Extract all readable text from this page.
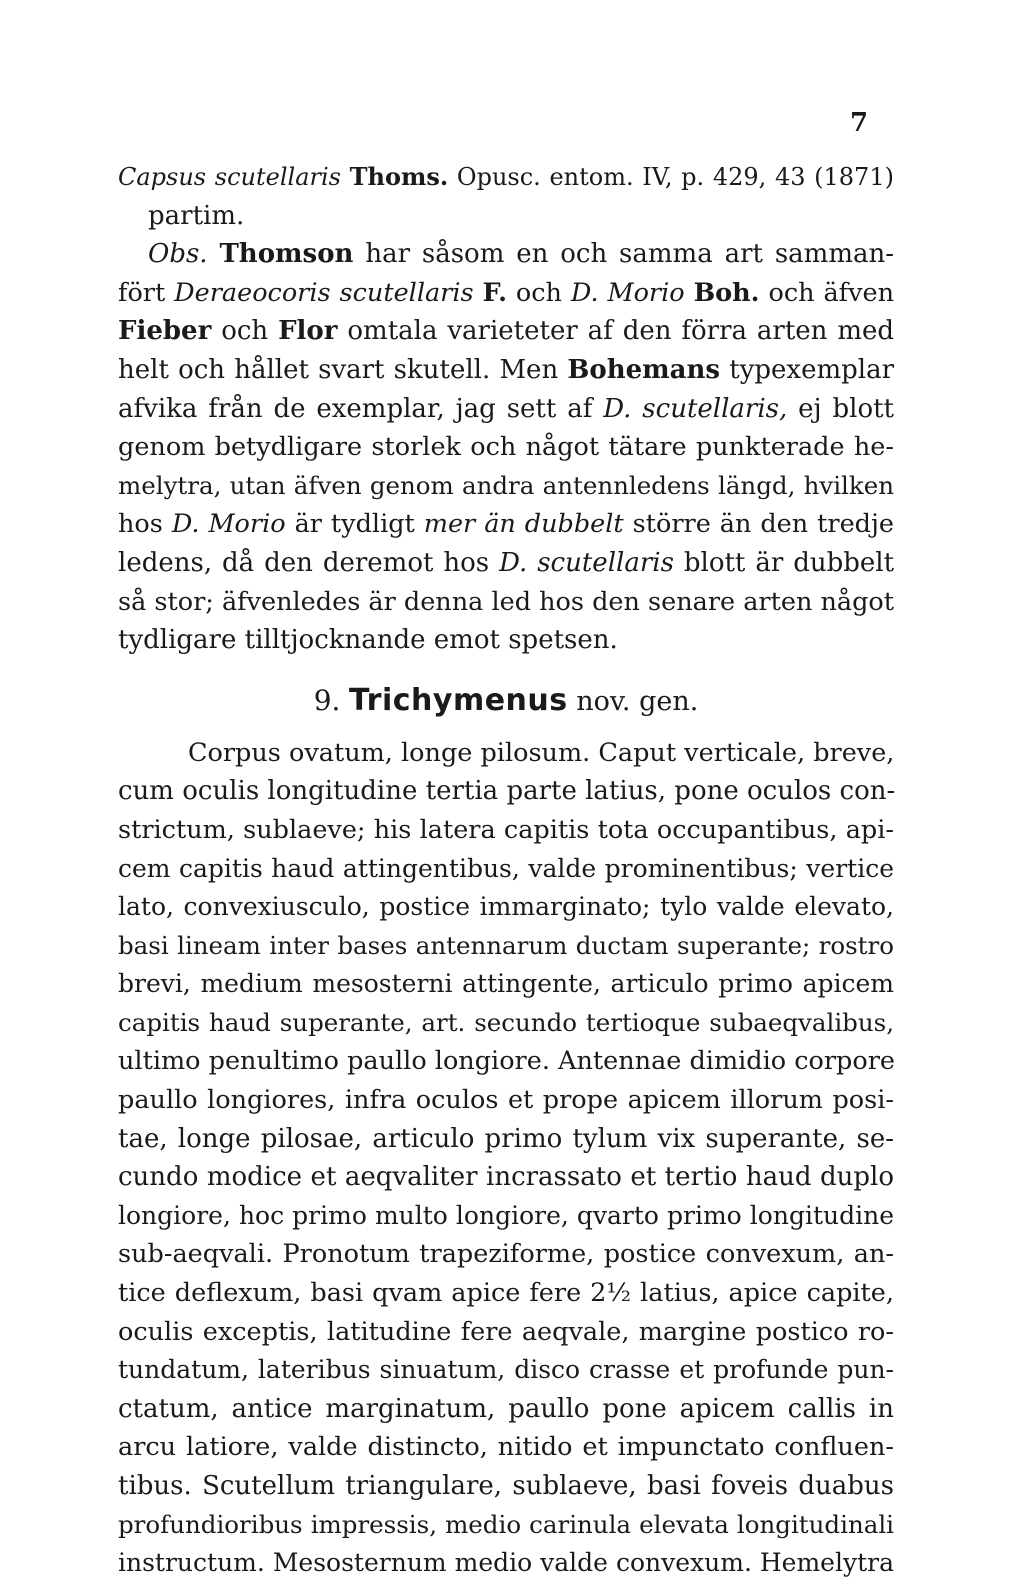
7
Capsus scutellaris Thoms. Opusc. entom. IV, p. 429, 43 (1871)
partim.
Obs. Thomson har såsom en och samma art samman-
fört Deraeocoris scutellaris F. och D. Morio Boh. och äfven
Fieber och Flor omtala varieteter af den förra arten med
helt och hållet svart skutell. Men Bohemans typexemplar
afvika från de exemplar, jag sett af D. scutellaris, ej blott
genom betydligare storlek och något tätare punkterade he-
melytra, utan äfven genom andra antennledens längd, hvilken
hos D. Morio är tydligt mer än dubbelt större än den tredje
ledens, då den deremot hos D. scutellaris blott är dubbelt
så stor; äfvenledes är denna led hos den senare arten något
tydligare tilltjocknande emot spetsen.
9. Trichymenus nov. gen.
Corpus ovatum, longe pilosum. Caput verticale, breve,
cum oculis longitudine tertia parte latius, pone oculos con-
strictum, sublaeve; his latera capitis tota occupantibus, api-
cem capitis haud attingentibus, valde prominentibus; vertice
lato, convexiusculo, postice immarginato; tylo valde elevato,
basi lineam inter bases antennarum ductam superante; rostro
brevi, medium mesosterni attingente, articulo primo apicem
capitis haud superante, art. secundo tertioque subaeqvalibus,
ultimo penultimo paullo longiore. Antennae dimidio corpore
paullo longiores, infra oculos et prope apicem illorum posi-
tae, longe pilosae, articulo primo tylum vix superante, se-
cundo modice et aeqvaliter incrassato et tertio haud duplo
longiore, hoc primo multo longiore, qvarto primo longitudine
sub-aeqvali. Pronotum trapeziforme, postice convexum, an-
tice deflexum, basi qvam apice fere 2½ latius, apice capite,
oculis exceptis, latitudine fere aeqvale, margine postico ro-
tundatum, lateribus sinuatum, disco crasse et profunde pun-
ctatum, antice marginatum, paullo pone apicem callis in
arcu latiore, valde distincto, nitido et impunctato confluen-
tibus. Scutellum triangulare, sublaeve, basi foveis duabus
profundioribus impressis, medio carinula elevata longitudinali
instructum. Mesosternum medio valde convexum. Hemelytra
